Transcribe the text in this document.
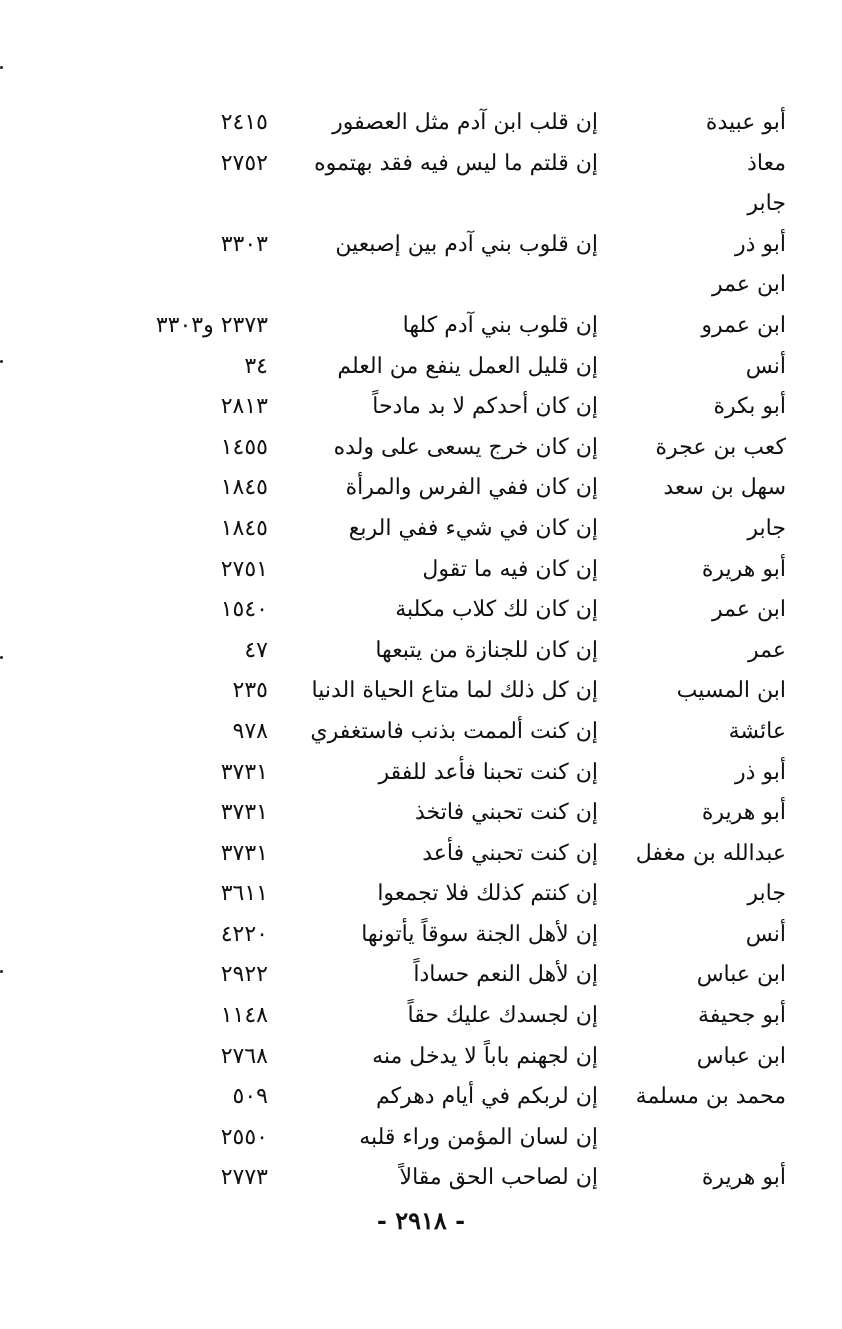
أبو عبيدة
إن قلب ابن آدم مثل العصفور
٢٤١٥
معاذ
إن قلتم ما ليس فيه فقد بهتموه
٢٧٥٢
جابر
أبو ذر
إن قلوب بني آدم بين إصبعين
٣٣٠٣
ابن عمر
ابن عمرو
إن قلوب بني آدم كلها
٢٣٧٣ و٣٣٠٣
أنس
إن قليل العمل ينفع من العلم
٣٤
أبو بكرة
إن كان أحدكم لا بد مادحاً
٢٨١٣
كعب بن عجرة
إن كان خرج يسعى على ولده
١٤٥٥
سهل بن سعد
إن كان ففي الفرس والمرأة
١٨٤٥
جابر
إن كان في شيء ففي الربع
١٨٤٥
أبو هريرة
إن كان فيه ما تقول
٢٧٥١
ابن عمر
إن كان لك كلاب مكلبة
١٥٤٠
عمر
إن كان للجنازة من يتبعها
٤٧
ابن المسيب
إن كل ذلك لما متاع الحياة الدنيا
٢٣٥
عائشة
إن كنت ألممت بذنب فاستغفري
٩٧٨
أبو ذر
إن كنت تحبنا فأعد للفقر
٣٧٣١
أبو هريرة
إن كنت تحبني فاتخذ
٣٧٣١
عبدالله بن مغفل
إن كنت تحبني فأعد
٣٧٣١
جابر
إن كنتم كذلك فلا تجمعوا
٣٦١١
أنس
إن لأهل الجنة سوقاً يأتونها
٤٢٢٠
ابن عباس
إن لأهل النعم حساداً
٢٩٢٢
أبو جحيفة
إن لجسدك عليك حقاً
١١٤٨
ابن عباس
إن لجهنم باباً لا يدخل منه
٢٧٦٨
محمد بن مسلمة
إن لربكم في أيام دهركم
٥٠٩
إن لسان المؤمن وراء قلبه
٢٥٥٠
أبو هريرة
إن لصاحب الحق مقالاً
٢٧٧٣
- ٢٩١٨ -
